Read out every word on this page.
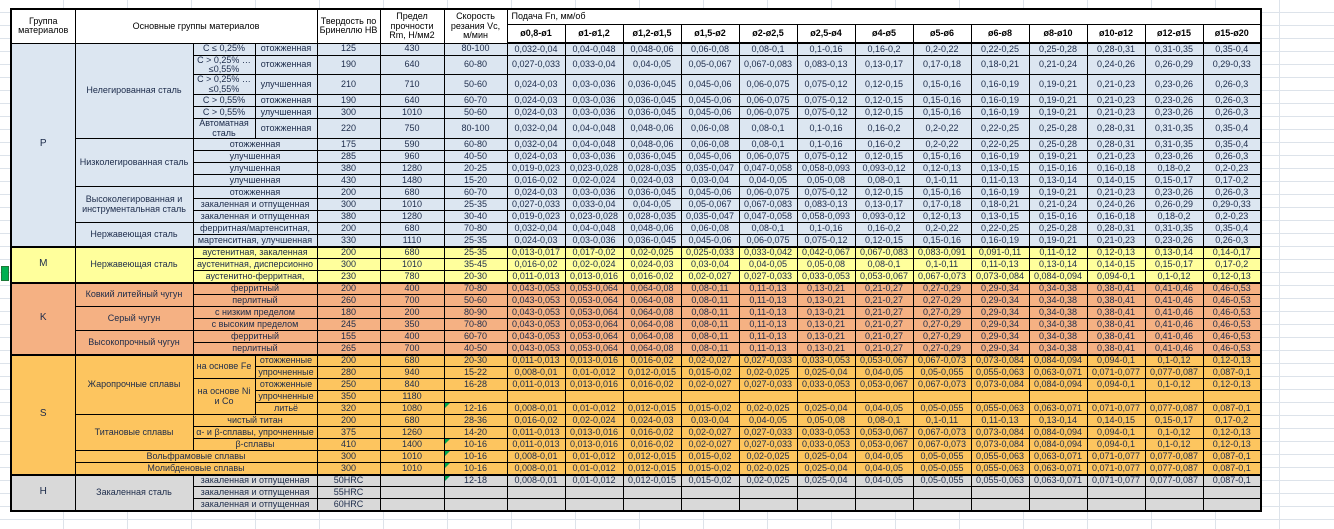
Группа материалов	Основные группы материалов			Твердость по Бринеллю HB	Предел прочности Rm, Н/мм2	Скорость резания Vc, м/мин	Подача Fn, мм/об												
							ø0,8-ø1	ø1-ø1,2	ø1,2-ø1,5	ø1,5-ø2	ø2-ø2,5	ø2,5-ø4	ø4-ø5	ø5-ø6	ø6-ø8	ø8-ø10	ø10-ø12	ø12-ø15	ø15-ø20
P	Нелегированная сталь	C ≤ 0,25%	отожженная	125	430	80-100	0,032-0,04	0,04-0,048	0,048-0,06	0,06-0,08	0,08-0,1	0,1-0,16	0,16-0,2	0,2-0,22	0,22-0,25	0,25-0,28	0,28-0,31	0,31-0,35	0,35-0,4
		C > 0,25% … ≤0,55%	отожженная	190	640	60-80	0,027-0,033	0,033-0,04	0,04-0,05	0,05-0,067	0,067-0,083	0,083-0,13	0,13-0,17	0,17-0,18	0,18-0,21	0,21-0,24	0,24-0,26	0,26-0,29	0,29-0,33
		C > 0,25% … ≤0,55%	улучшенная	210	710	50-60	0,024-0,03	0,03-0,036	0,036-0,045	0,045-0,06	0,06-0,075	0,075-0,12	0,12-0,15	0,15-0,16	0,16-0,19	0,19-0,21	0,21-0,23	0,23-0,26	0,26-0,3
		C > 0,55%	отожженная	190	640	60-70	0,024-0,03	0,03-0,036	0,036-0,045	0,045-0,06	0,06-0,075	0,075-0,12	0,12-0,15	0,15-0,16	0,16-0,19	0,19-0,21	0,21-0,23	0,23-0,26	0,26-0,3
		C > 0,55%	улучшенная	300	1010	50-60	0,024-0,03	0,03-0,036	0,036-0,045	0,045-0,06	0,06-0,075	0,075-0,12	0,12-0,15	0,15-0,16	0,16-0,19	0,19-0,21	0,21-0,23	0,23-0,26	0,26-0,3
		Автоматная сталь	отожженная	220	750	80-100	0,032-0,04	0,04-0,048	0,048-0,06	0,06-0,08	0,08-0,1	0,1-0,16	0,16-0,2	0,2-0,22	0,22-0,25	0,25-0,28	0,28-0,31	0,31-0,35	0,35-0,4
	Низколегированная сталь	отожженная		175	590	60-80	0,032-0,04	0,04-0,048	0,048-0,06	0,06-0,08	0,08-0,1	0,1-0,16	0,16-0,2	0,2-0,22	0,22-0,25	0,25-0,28	0,28-0,31	0,31-0,35	0,35-0,4
		улучшенная		285	960	40-50	0,024-0,03	0,03-0,036	0,036-0,045	0,045-0,06	0,06-0,075	0,075-0,12	0,12-0,15	0,15-0,16	0,16-0,19	0,19-0,21	0,21-0,23	0,23-0,26	0,26-0,3
		улучшенная		380	1280	20-25	0,019-0,023	0,023-0,028	0,028-0,035	0,035-0,047	0,047-0,058	0,058-0,093	0,093-0,12	0,12-0,13	0,13-0,15	0,15-0,16	0,16-0,18	0,18-0,2	0,2-0,23
		улучшенная		430	1480	15-20	0,016-0,02	0,02-0,024	0,024-0,03	0,03-0,04	0,04-0,05	0,05-0,08	0,08-0,1	0,1-0,11	0,11-0,13	0,13-0,14	0,14-0,15	0,15-0,17	0,17-0,2
	Высоколегированная и инструментальная сталь	отожженная		200	680	60-70	0,024-0,03	0,03-0,036	0,036-0,045	0,045-0,06	0,06-0,075	0,075-0,12	0,12-0,15	0,15-0,16	0,16-0,19	0,19-0,21	0,21-0,23	0,23-0,26	0,26-0,3
		закаленная и отпущенная		300	1010	25-35	0,027-0,033	0,033-0,04	0,04-0,05	0,05-0,067	0,067-0,083	0,083-0,13	0,13-0,17	0,17-0,18	0,18-0,21	0,21-0,24	0,24-0,26	0,26-0,29	0,29-0,33
		закаленная и отпущенная		380	1280	30-40	0,019-0,023	0,023-0,028	0,028-0,035	0,035-0,047	0,047-0,058	0,058-0,093	0,093-0,12	0,12-0,13	0,13-0,15	0,15-0,16	0,16-0,18	0,18-0,2	0,2-0,23
	Нержавеющая сталь	ферритная/мартенситная,		200	680	70-80	0,032-0,04	0,04-0,048	0,048-0,06	0,06-0,08	0,08-0,1	0,1-0,16	0,16-0,2	0,2-0,22	0,22-0,25	0,25-0,28	0,28-0,31	0,31-0,35	0,35-0,4
		мартенситная, улучшенная		330	1110	25-35	0,024-0,03	0,03-0,036	0,036-0,045	0,045-0,06	0,06-0,075	0,075-0,12	0,12-0,15	0,15-0,16	0,16-0,19	0,19-0,21	0,21-0,23	0,23-0,26	0,26-0,3
M	Нержавеющая сталь	аустенитная, закаленная		200	680	25-35	0,013-0,017	0,017-0,02	0,02-0,025	0,025-0,033	0,033-0,042	0,042-0,067	0,067-0,083	0,083-0,091	0,091-0,11	0,11-0,12	0,12-0,13	0,13-0,14	0,14-0,17
		аустенитная, дисперсионно		300	1010	35-45	0,016-0,02	0,02-0,024	0,024-0,03	0,03-0,04	0,04-0,05	0,05-0,08	0,08-0,1	0,1-0,11	0,11-0,13	0,13-0,14	0,14-0,15	0,15-0,17	0,17-0,2
		аустенитно-ферритная,		230	780	20-30	0,011-0,013	0,013-0,016	0,016-0,02	0,02-0,027	0,027-0,033	0,033-0,053	0,053-0,067	0,067-0,073	0,073-0,084	0,084-0,094	0,094-0,1	0,1-0,12	0,12-0,13
K	Ковкий литейный чугун	ферритный		200	400	70-80	0,043-0,053	0,053-0,064	0,064-0,08	0,08-0,11	0,11-0,13	0,13-0,21	0,21-0,27	0,27-0,29	0,29-0,34	0,34-0,38	0,38-0,41	0,41-0,46	0,46-0,53
		перлитный		260	700	50-60	0,043-0,053	0,053-0,064	0,064-0,08	0,08-0,11	0,11-0,13	0,13-0,21	0,21-0,27	0,27-0,29	0,29-0,34	0,34-0,38	0,38-0,41	0,41-0,46	0,46-0,53
	Серый чугун	с низким пределом		180	200	80-90	0,043-0,053	0,053-0,064	0,064-0,08	0,08-0,11	0,11-0,13	0,13-0,21	0,21-0,27	0,27-0,29	0,29-0,34	0,34-0,38	0,38-0,41	0,41-0,46	0,46-0,53
		с высоким пределом		245	350	70-80	0,043-0,053	0,053-0,064	0,064-0,08	0,08-0,11	0,11-0,13	0,13-0,21	0,21-0,27	0,27-0,29	0,29-0,34	0,34-0,38	0,38-0,41	0,41-0,46	0,46-0,53
	Высокопрочный чугун	ферритный		155	400	60-70	0,043-0,053	0,053-0,064	0,064-0,08	0,08-0,11	0,11-0,13	0,13-0,21	0,21-0,27	0,27-0,29	0,29-0,34	0,34-0,38	0,38-0,41	0,41-0,46	0,46-0,53
		перлитный		265	700	40-50	0,043-0,053	0,053-0,064	0,064-0,08	0,08-0,11	0,11-0,13	0,13-0,21	0,21-0,27	0,27-0,29	0,29-0,34	0,34-0,38	0,38-0,41	0,41-0,46	0,46-0,53
S	Жаропрочные сплавы	на основе Fe	отожженные	200	680	20-30	0,011-0,013	0,013-0,016	0,016-0,02	0,02-0,027	0,027-0,033	0,033-0,053	0,053-0,067	0,067-0,073	0,073-0,084	0,084-0,094	0,094-0,1	0,1-0,12	0,12-0,13
			упрочненные	280	940	15-22	0,008-0,01	0,01-0,012	0,012-0,015	0,015-0,02	0,02-0,025	0,025-0,04	0,04-0,05	0,05-0,055	0,055-0,063	0,063-0,071	0,071-0,077	0,077-0,087	0,087-0,1
		на основе Ni и Со	отожженные	250	840	16-28	0,011-0,013	0,013-0,016	0,016-0,02	0,02-0,027	0,027-0,033	0,033-0,053	0,053-0,067	0,067-0,073	0,073-0,084	0,084-0,094	0,094-0,1	0,1-0,12	0,12-0,13
			упрочненные	350	1180														
			литьё	320	1080	12-16	0,008-0,01	0,01-0,012	0,012-0,015	0,015-0,02	0,02-0,025	0,025-0,04	0,04-0,05	0,05-0,055	0,055-0,063	0,063-0,071	0,071-0,077	0,077-0,087	0,087-0,1
	Титановые сплавы	чистый титан		200	680	28-36	0,016-0,02	0,02-0,024	0,024-0,03	0,03-0,04	0,04-0,05	0,05-0,08	0,08-0,1	0,1-0,11	0,11-0,13	0,13-0,14	0,14-0,15	0,15-0,17	0,17-0,2
		α- и β-сплавы, упрочненные		375	1260	14-20	0,011-0,013	0,013-0,016	0,016-0,02	0,02-0,027	0,027-0,033	0,033-0,053	0,053-0,067	0,067-0,073	0,073-0,084	0,084-0,094	0,094-0,1	0,1-0,12	0,12-0,13
		β-сплавы		410	1400	10-16	0,011-0,013	0,013-0,016	0,016-0,02	0,02-0,027	0,027-0,033	0,033-0,053	0,053-0,067	0,067-0,073	0,073-0,084	0,084-0,094	0,094-0,1	0,1-0,12	0,12-0,13
	Вольфрамовые сплавы			300	1010	10-16	0,008-0,01	0,01-0,012	0,012-0,015	0,015-0,02	0,02-0,025	0,025-0,04	0,04-0,05	0,05-0,055	0,055-0,063	0,063-0,071	0,071-0,077	0,077-0,087	0,087-0,1
	Молибденовые сплавы			300	1010	10-16	0,008-0,01	0,01-0,012	0,012-0,015	0,015-0,02	0,02-0,025	0,025-0,04	0,04-0,05	0,05-0,055	0,055-0,063	0,063-0,071	0,071-0,077	0,077-0,087	0,087-0,1
H	Закаленная сталь	закаленная и отпущенная		50HRC		12-18	0,008-0,01	0,01-0,012	0,012-0,015	0,015-0,02	0,02-0,025	0,025-0,04	0,04-0,05	0,05-0,055	0,055-0,063	0,063-0,071	0,071-0,077	0,077-0,087	0,087-0,1
		закаленная и отпущенная		55HRC															
		закаленная и отпущенная		60HRC															
